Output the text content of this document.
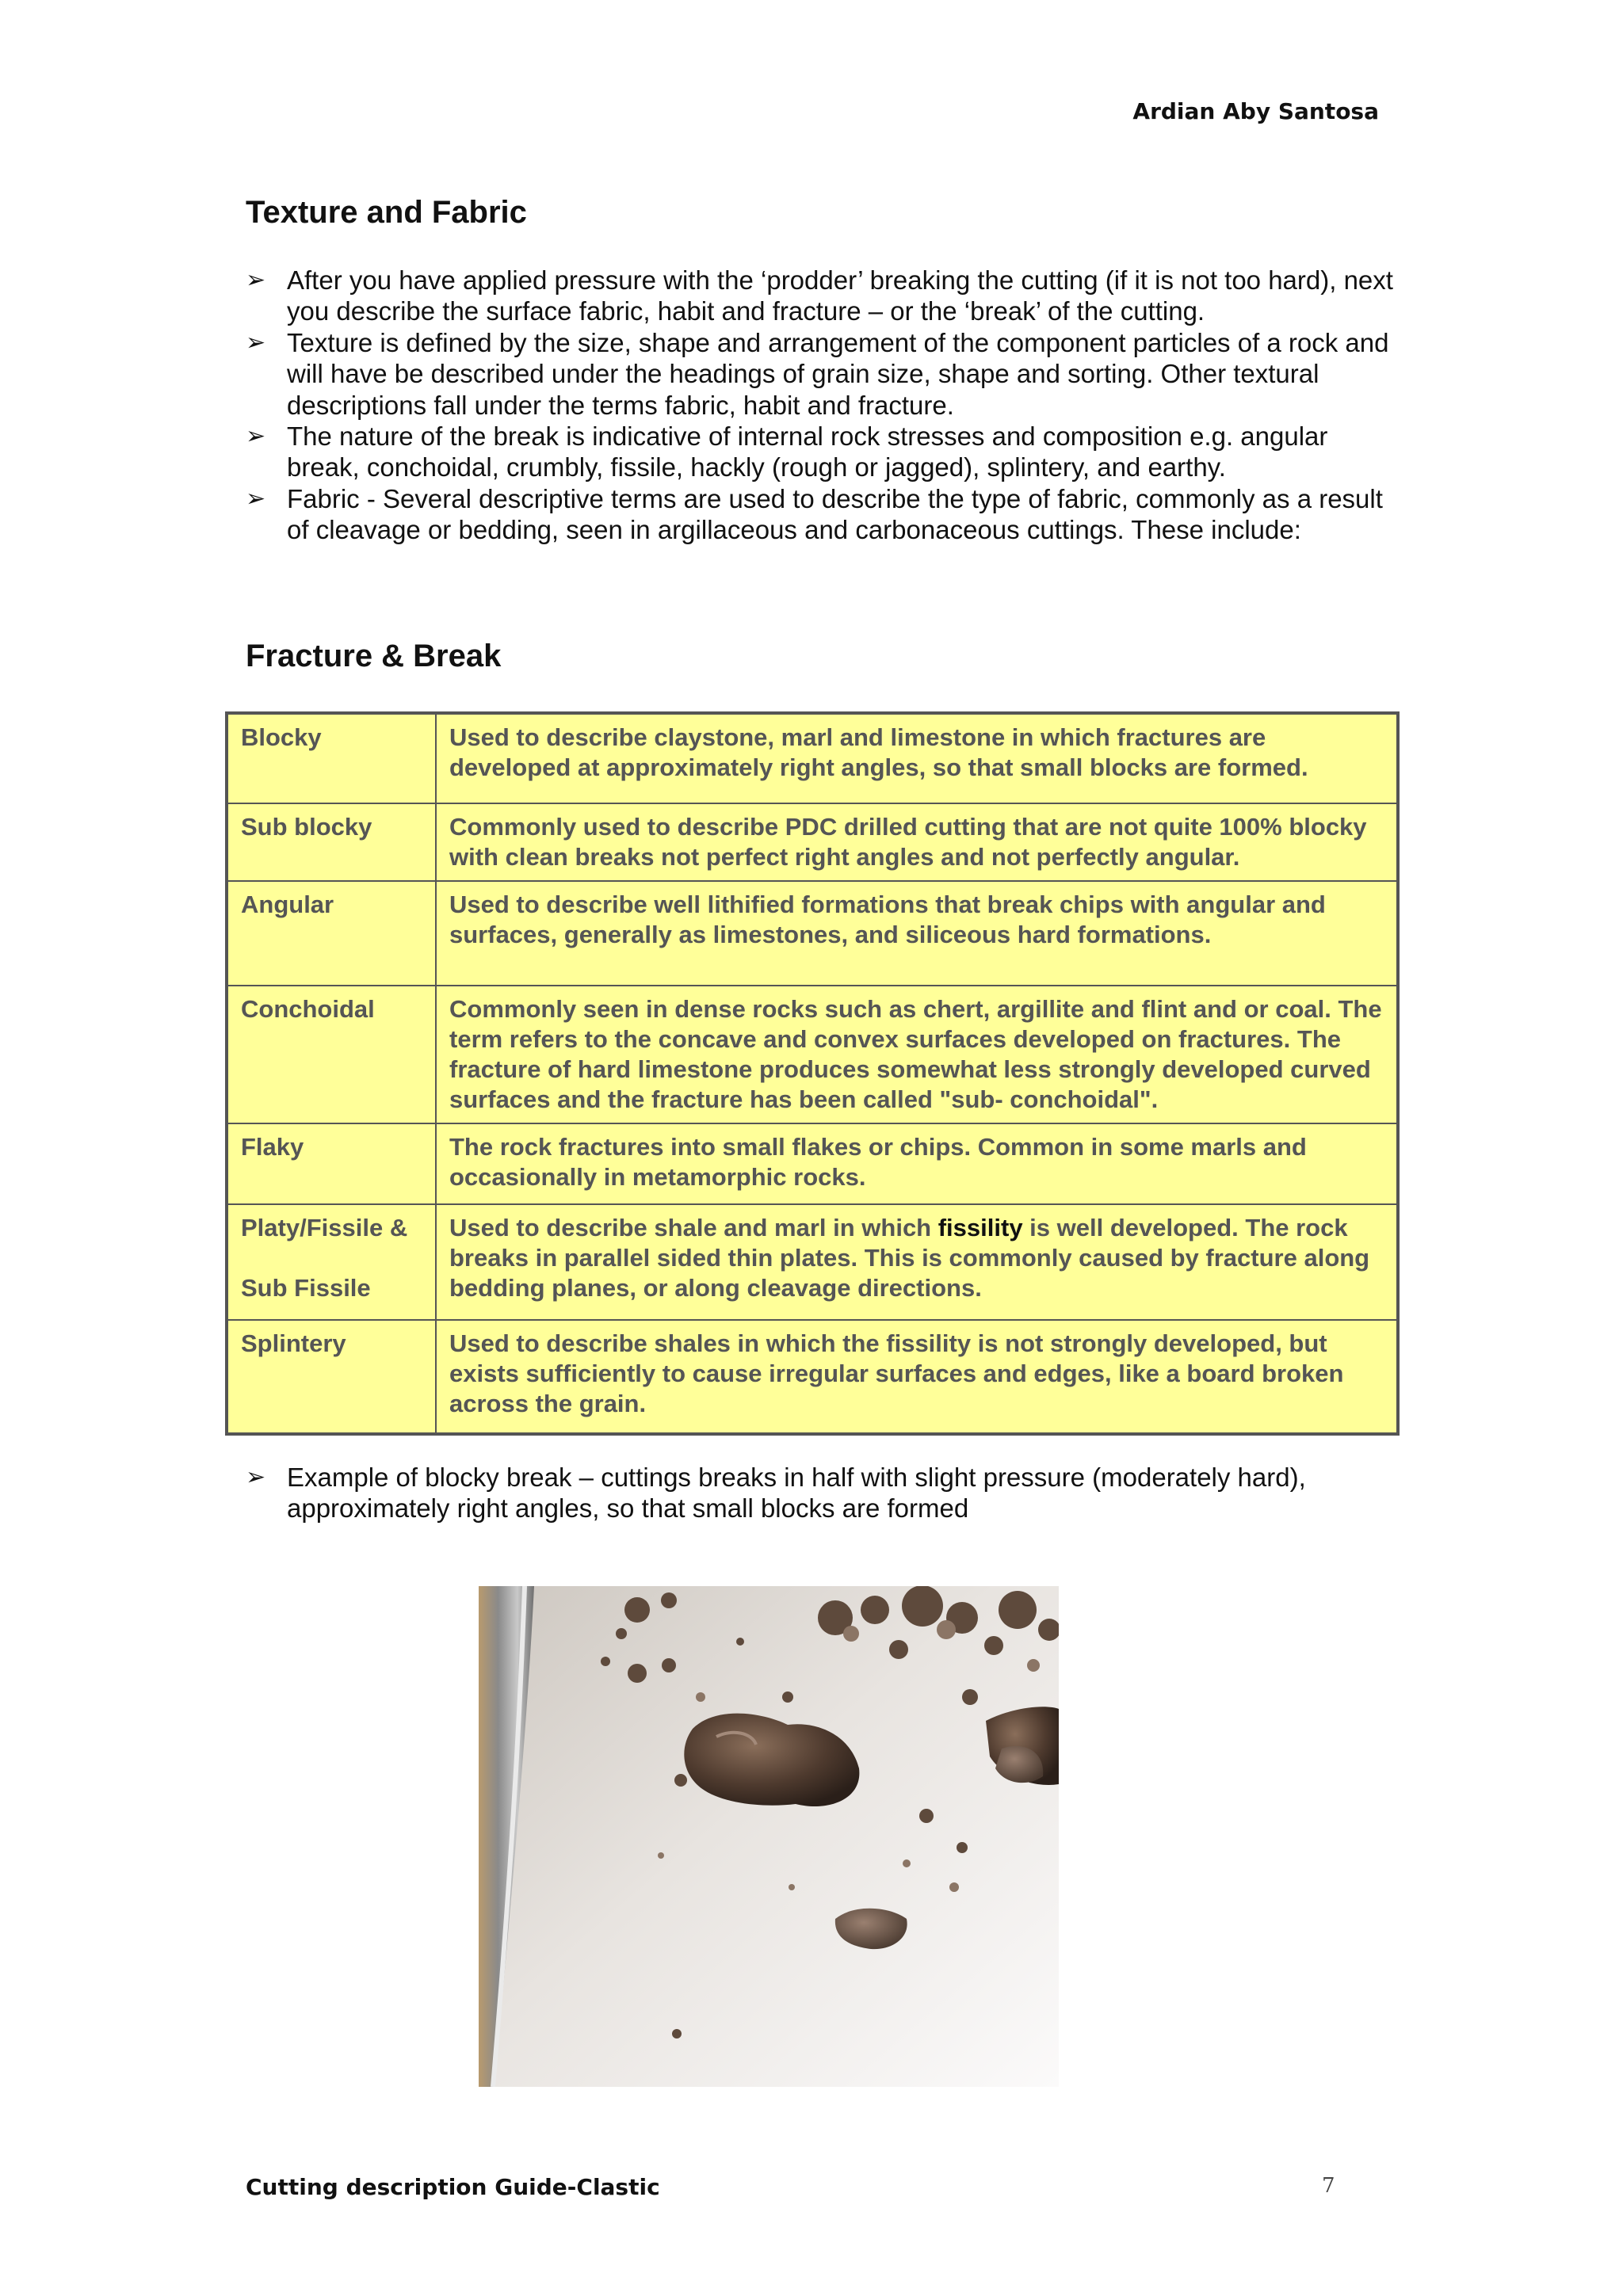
Ardian Aby Santosa
Texture and Fabric
➢ After you have applied pressure with the ‘prodder’ breaking the cutting (if it is not too hard), next you describe the surface fabric, habit and fracture – or the ‘break’ of the cutting.
➢ Texture is defined by the size, shape and arrangement of the component particles of a rock and will have be described under the headings of grain size, shape and sorting. Other textural descriptions fall under the terms fabric, habit and fracture.
➢ The nature of the break is indicative of internal rock stresses and composition e.g. angular break, conchoidal, crumbly, fissile, hackly (rough or jagged), splintery, and earthy.
➢ Fabric - Several descriptive terms are used to describe the type of fabric, commonly as a result of cleavage or bedding, seen in argillaceous and carbonaceous cuttings. These include:
Fracture & Break
Blocky	Used to describe claystone, marl and limestone in which fractures are developed at approximately right angles, so that small blocks are formed.
Sub blocky	Commonly used to describe PDC drilled cutting that are not quite 100% blocky with clean breaks not perfect right angles and not perfectly angular.
Angular	Used to describe well lithified formations that break chips with angular and surfaces, generally as limestones, and siliceous hard formations.
Conchoidal	Commonly seen in dense rocks such as chert, argillite and flint and or coal. The term refers to the concave and convex surfaces developed on fractures. The fracture of hard limestone produces somewhat less strongly developed curved surfaces and the fracture has been called "sub- conchoidal".
Flaky	The rock fractures into small flakes or chips. Common in some marls and occasionally in metamorphic rocks.

Platy/Fissile &
Sub Fissile	Used to describe shale and marl in which fissility is well developed. The rock breaks in parallel sided thin plates. This is commonly caused by fracture along bedding planes, or along cleavage directions.
Splintery	Used to describe shales in which the fissility is not strongly developed, but exists sufficiently to cause irregular surfaces and edges, like a board broken across the grain.
➢ Example of blocky break – cuttings breaks in half with slight pressure (moderately hard), approximately right angles, so that small blocks are formed
Cutting description Guide-Clastic	7
